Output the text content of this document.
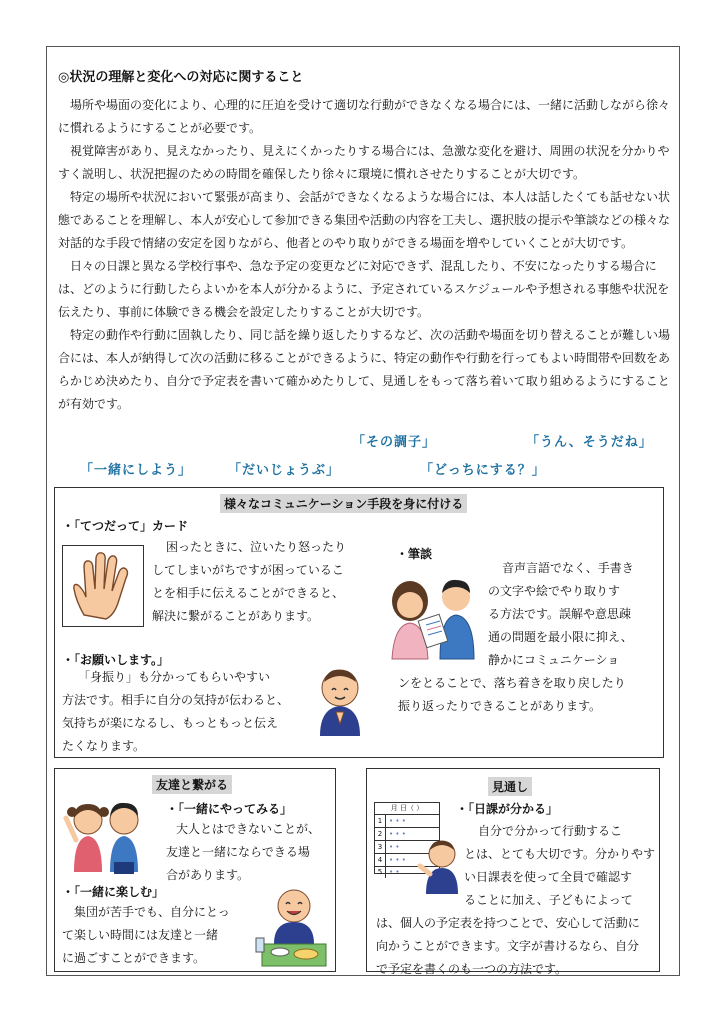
◎状況の理解と変化への対応に関すること

場所や場面の変化により、心理的に圧迫を受けて適切な行動ができなくなる場合には、一緒に活動しながら徐々に慣れるようにすることが必要です。

視覚障害があり、見えなかったり、見えにくかったりする場合には、急激な変化を避け、周囲の状況を分かりやすく説明し、状況把握のための時間を確保したり徐々に環境に慣れさせたりすることが大切です。

特定の場所や状況において緊張が高まり、会話ができなくなるような場合には、本人は話したくても話せない状態であることを理解し、本人が安心して参加できる集団や活動の内容を工夫し、選択肢の提示や筆談などの様々な対話的な手段で情緒の安定を図りながら、他者とのやり取りができる場面を増やしていくことが大切です。

日々の日課と異なる学校行事や、急な予定の変更などに対応できず、混乱したり、不安になったりする場合には、どのように行動したらよいかを本人が分かるように、予定されているスケジュールや予想される事態や状況を伝えたり、事前に体験できる機会を設定したりすることが大切です。

特定の動作や行動に固執したり、同じ話を繰り返したりするなど、次の活動や場面を切り替えることが難しい場合には、本人が納得して次の活動に移ることができるように、特定の動作や行動を行ってもよい時間帯や回数をあらかじめ決めたり、自分で予定表を書いて確かめたりして、見通しをもって落ち着いて取り組めるようにすることが有効です。

「その調子」	「うん、そうだね」
「一緒にしよう」	「だいじょうぶ」	「どっちにする？」
様々なコミュニケーション手段を身に付ける
・「てつだって」カード

困ったときに、泣いたり怒ったり

してしまいがちですが困っているこ

とを相手に伝えることができると、

解決に繋がることがあります。

・筆談

音声言語でなく、手書き

の文字や絵でやり取りす

る方法です。誤解や意思疎

通の問題を最小限に抑え、

静かにコミュニケーショ

ンをとることで、落ち着きを取り戻したり

振り返ったりできることがあります。

・「お願いします。」

「身振り」も分かってもらいやすい

方法です。相手に自分の気持が伝わると、

気持ちが楽になるし、もっともっと伝え

たくなります。

友達と繋がる
・「一緒にやってみる」

大人とはできないことが、

友達と一緒にならできる場

合があります。

・「一緒に楽しむ」

集団が苦手でも、自分にとっ

て楽しい時間には友達と一緒

に過ごすことができます。

見通し
・「日課が分かる」
月 日（ ）
1 • • •
2 • • •
3 • •
4 • • •
5 • •

自分で分かって行動するこ

とは、とても大切です。分かりやす

い日課表を使って全員で確認す

ることに加え、子どもによって

は、個人の予定表を持つことで、安心して活動に

向かうことができます。文字が書けるなら、自分

で予定を書くのも一つの方法です。
